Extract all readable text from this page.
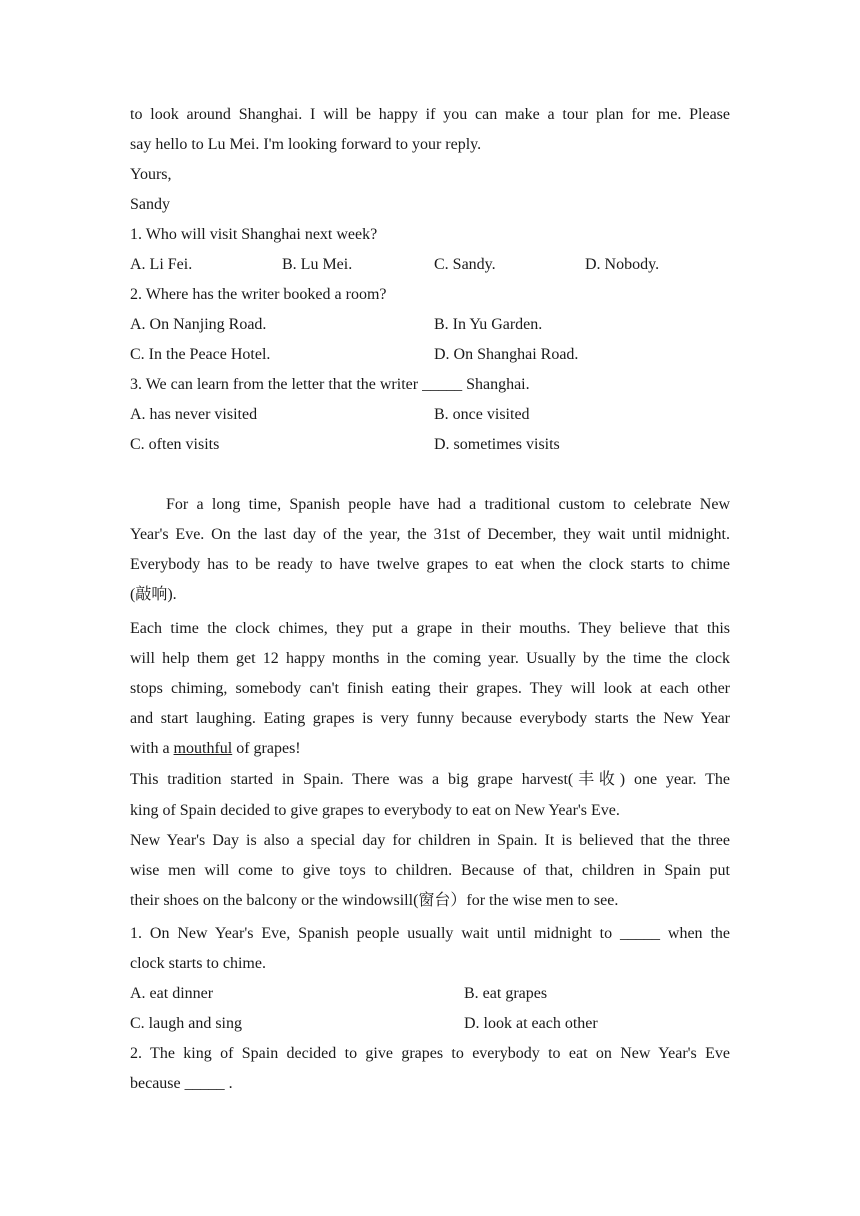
to look around Shanghai. I will be happy if you can make a tour plan for me. Please
say hello to Lu Mei. I'm looking forward to your reply.
Yours,
Sandy
1. Who will visit Shanghai next week?
A. Li Fei.	B. Lu Mei.	C. Sandy.	D. Nobody.
2. Where has the writer booked a room?
A. On Nanjing Road.	B. In Yu Garden.
C. In the Peace Hotel.	D. On Shanghai Road.
3. We can learn from the letter that the writer _____ Shanghai.
A. has never visited	B. once visited
C. often visits	D. sometimes visits
For a long time, Spanish people have had a traditional custom to celebrate New
Year's Eve. On the last day of the year, the 31st of December, they wait until midnight.
Everybody has to be ready to have twelve grapes to eat when the clock starts to chime
(敲响).
Each time the clock chimes, they put a grape in their mouths. They believe that this
will help them get 12 happy months in the coming year. Usually by the time the clock
stops chiming, somebody can't finish eating their grapes. They will look at each other
and start laughing. Eating grapes is very funny because everybody starts the New Year
with a mouthful of grapes!
This tradition started in Spain. There was a big grape harvest(丰收) one year. The
king of Spain decided to give grapes to everybody to eat on New Year's Eve.
New Year's Day is also a special day for children in Spain. It is believed that the three
wise men will come to give toys to children. Because of that, children in Spain put
their shoes on the balcony or the windowsill(窗台）for the wise men to see.
1. On New Year's Eve, Spanish people usually wait until midnight to _____ when the
clock starts to chime.
A. eat dinner	B. eat grapes
C. laugh and sing	D. look at each other
2. The king of Spain decided to give grapes to everybody to eat on New Year's Eve
because _____ .
